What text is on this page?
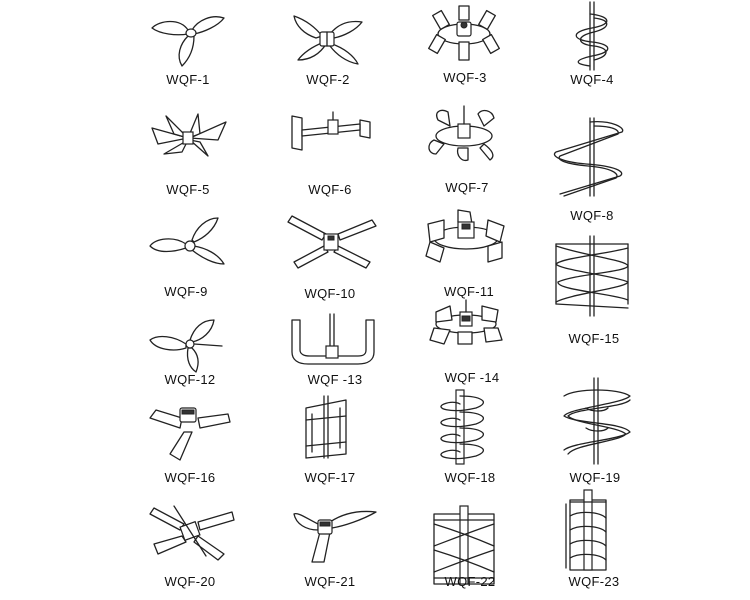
WQF-1	WQF-2	WQF-3	WQF-4
WQF-5	WQF-6	WQF-7
WQF-8
WQF-9	WQF-10	WQF-11
WQF-15
WQF-12	WQF -13	WQF -14
WQF-16	WQF-17	WQF-18	WQF-19
WQF-20	WQF-21	WQF-22	WQF-23
